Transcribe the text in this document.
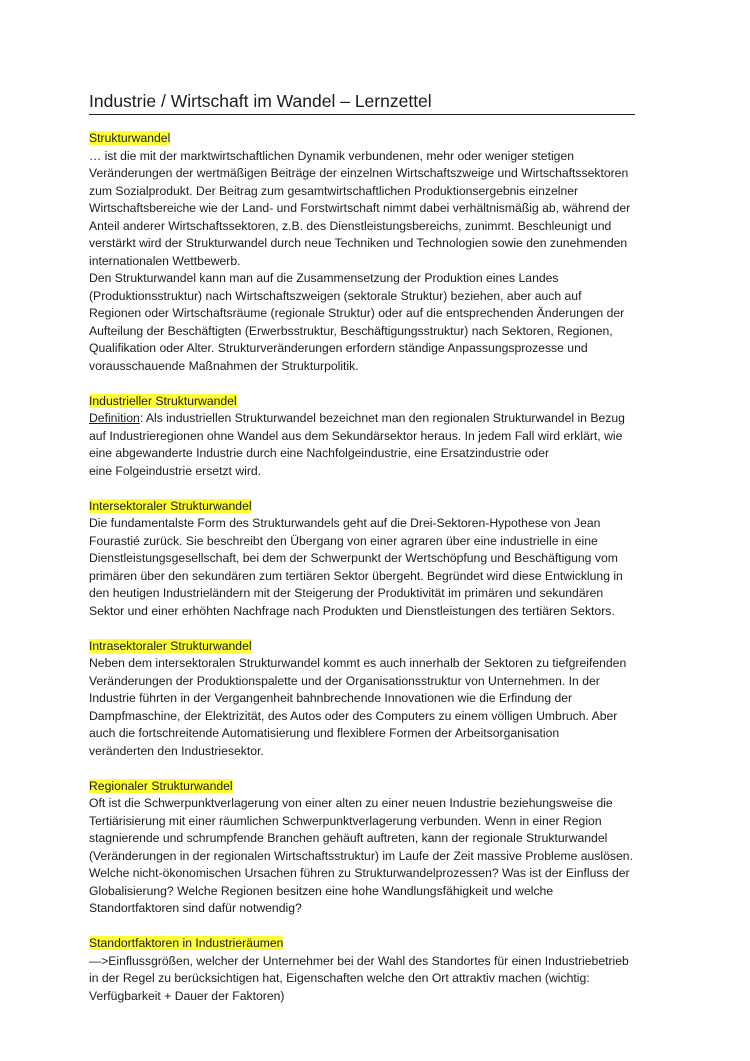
Industrie / Wirtschaft im Wandel – Lernzettel
Strukturwandel
… ist die mit der marktwirtschaftlichen Dynamik verbundenen, mehr oder weniger stetigen
Veränderungen der wertmäßigen Beiträge der einzelnen Wirtschaftszweige und Wirtschaftssektoren
zum Sozialprodukt. Der Beitrag zum gesamtwirtschaftlichen Produktionsergebnis einzelner
Wirtschaftsbereiche wie der Land- und Forstwirtschaft nimmt dabei verhältnismäßig ab, während der
Anteil anderer Wirtschaftssektoren, z.B. des Dienstleistungsbereichs, zunimmt. Beschleunigt und
verstärkt wird der Strukturwandel durch neue Techniken und Technologien sowie den zunehmenden
internationalen Wettbewerb.
Den Strukturwandel kann man auf die Zusammensetzung der Produktion eines Landes
(Produktionsstruktur) nach Wirtschaftszweigen (sektorale Struktur) beziehen, aber auch auf
Regionen oder Wirtschaftsräume (regionale Struktur) oder auf die entsprechenden Änderungen der
Aufteilung der Beschäftigten (Erwerbsstruktur, Beschäftigungsstruktur) nach Sektoren, Regionen,
Qualifikation oder Alter. Strukturveränderungen erfordern ständige Anpassungsprozesse und
vorausschauende Maßnahmen der Strukturpolitik.
Industrieller Strukturwandel
Definition: Als industriellen Strukturwandel bezeichnet man den regionalen Strukturwandel in Bezug
auf Industrieregionen ohne Wandel aus dem Sekundärsektor heraus. In jedem Fall wird erklärt, wie
eine abgewanderte Industrie durch eine Nachfolgeindustrie, eine Ersatzindustrie oder
eine Folgeindustrie ersetzt wird.
Intersektoraler Strukturwandel
Die fundamentalste Form des Strukturwandels geht auf die Drei-Sektoren-Hypothese von Jean
Fourastié zurück. Sie beschreibt den Übergang von einer agraren über eine industrielle in eine
Dienstleistungsgesellschaft, bei dem der Schwerpunkt der Wertschöpfung und Beschäftigung vom
primären über den sekundären zum tertiären Sektor übergeht. Begründet wird diese Entwicklung in
den heutigen Industrieländern mit der Steigerung der Produktivität im primären und sekundären
Sektor und einer erhöhten Nachfrage nach Produkten und Dienstleistungen des tertiären Sektors.
Intrasektoraler Strukturwandel
Neben dem intersektoralen Strukturwandel kommt es auch innerhalb der Sektoren zu tiefgreifenden
Veränderungen der Produktionspalette und der Organisationsstruktur von Unternehmen. In der
Industrie führten in der Vergangenheit bahnbrechende Innovationen wie die Erfindung der
Dampfmaschine, der Elektrizität, des Autos oder des Computers zu einem völligen Umbruch. Aber
auch die fortschreitende Automatisierung und flexiblere Formen der Arbeitsorganisation
veränderten den Industriesektor.
Regionaler Strukturwandel
Oft ist die Schwerpunktverlagerung von einer alten zu einer neuen Industrie beziehungsweise die
Tertiärisierung mit einer räumlichen Schwerpunktverlagerung verbunden. Wenn in einer Region
stagnierende und schrumpfende Branchen gehäuft auftreten, kann der regionale Strukturwandel
(Veränderungen in der regionalen Wirtschaftsstruktur) im Laufe der Zeit massive Probleme auslösen.
Welche nicht-ökonomischen Ursachen führen zu Strukturwandelprozessen? Was ist der Einfluss der
Globalisierung? Welche Regionen besitzen eine hohe Wandlungsfähigkeit und welche
Standortfaktoren sind dafür notwendig?
Standortfaktoren in Industrieräumen
—>Einflussgrößen, welcher der Unternehmer bei der Wahl des Standortes für einen Industriebetrieb
in der Regel zu berücksichtigen hat, Eigenschaften welche den Ort attraktiv machen (wichtig:
Verfügbarkeit + Dauer der Faktoren)
